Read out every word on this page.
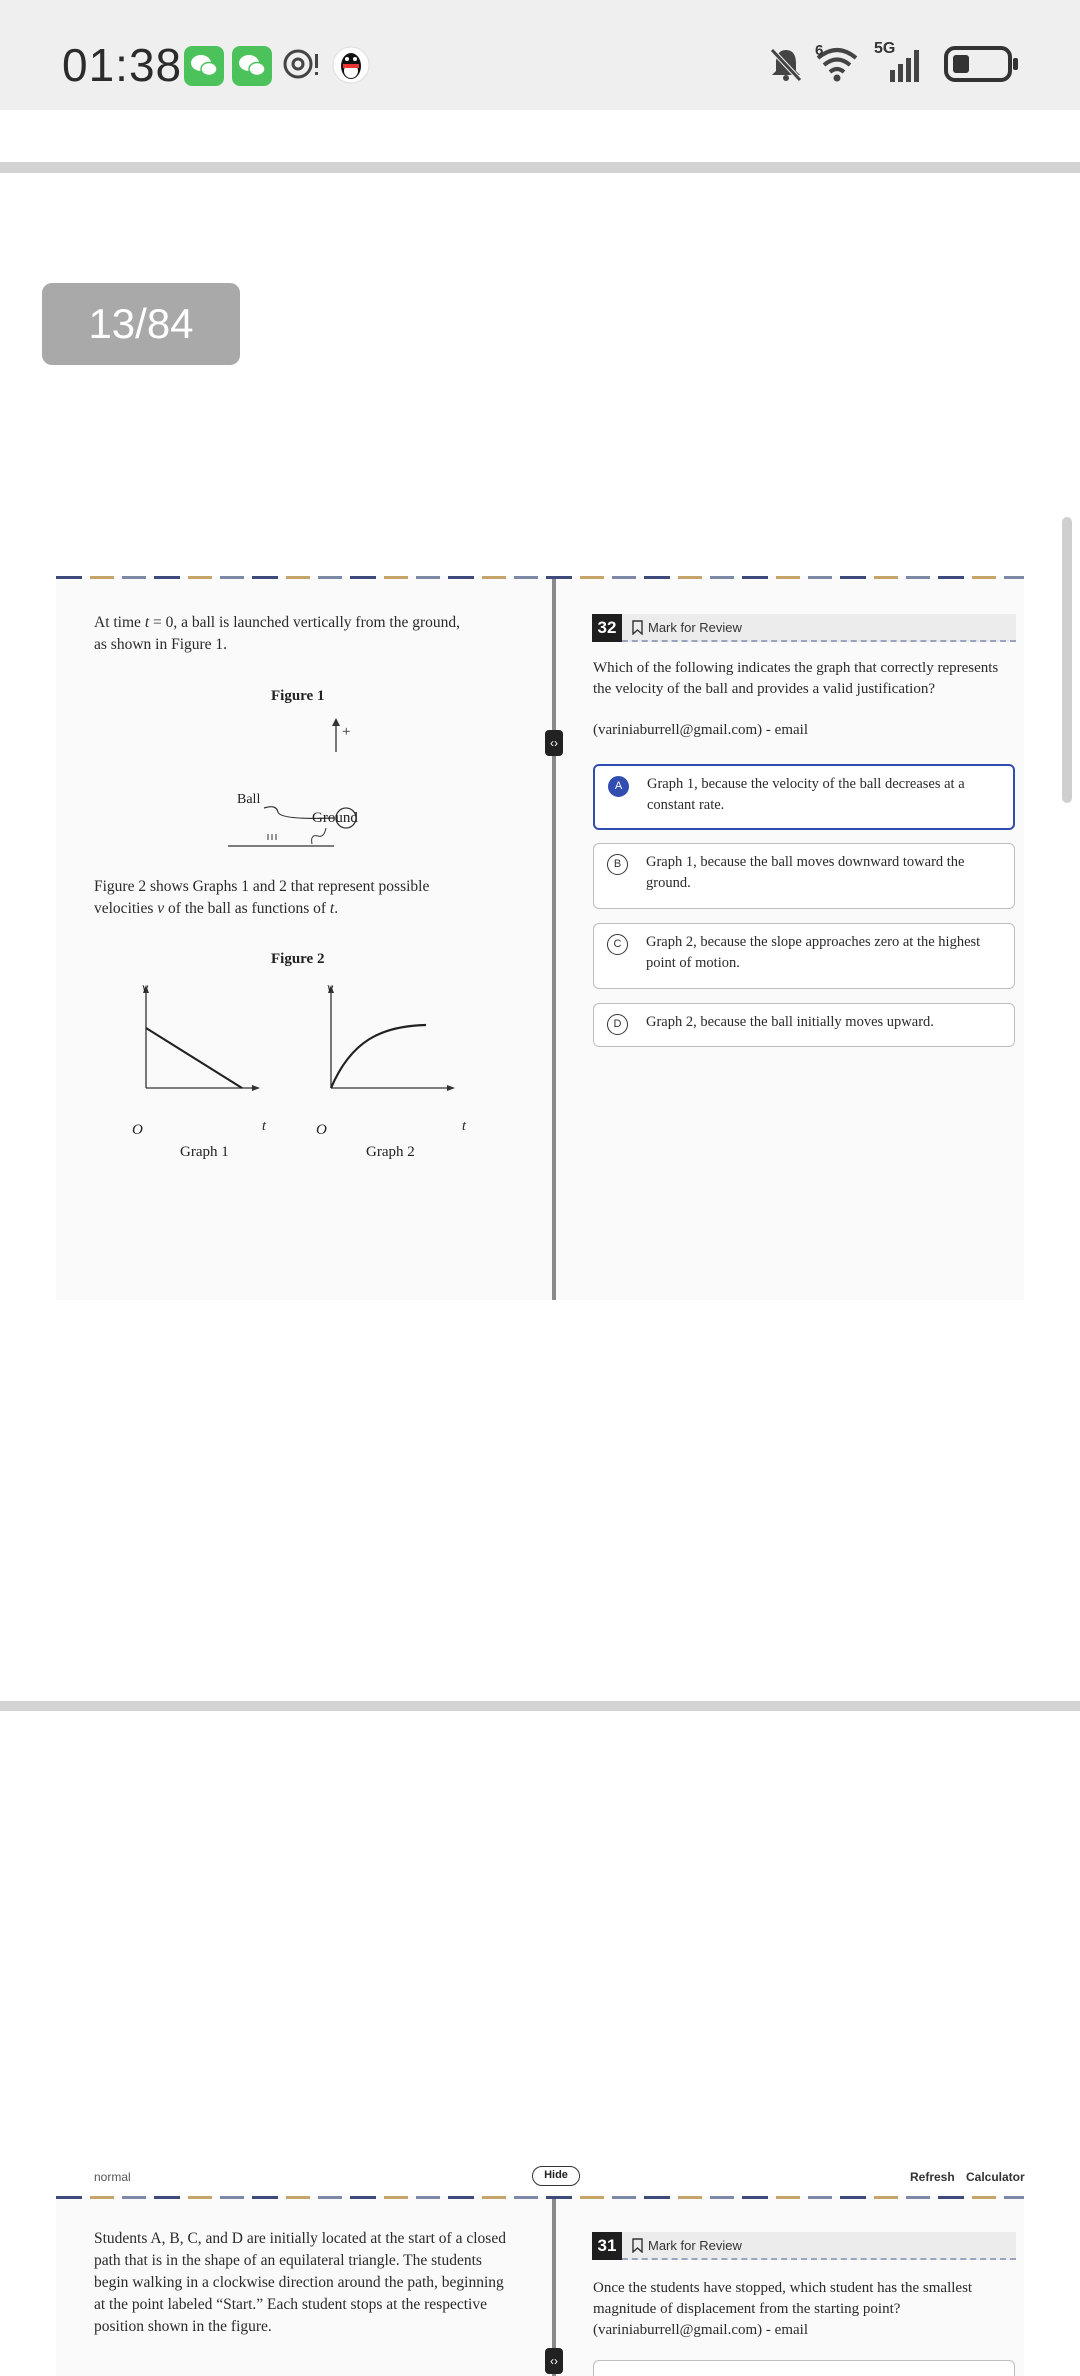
01:38	6	5G
13/84
‹›
At time t = 0, a ball is launched vertically from the ground,
as shown in Figure 1.
Figure 1
+
Ball
Ground
Figure 2 shows Graphs 1 and 2 that represent possible
velocities v of the ball as functions of t.
Figure 2
v
t
O
Graph 1
v
t
O
Graph 2
Mark for Review
32
Which of the following indicates the graph that correctly represents the velocity of the ball and provides a valid justification?
(variniaburrell@gmail.com) - email
A	Graph 1, because the velocity of the ball decreases at a constant rate.
B	Graph 1, because the ball moves downward toward the ground.
C	Graph 2, because the slope approaches zero at the highest point of motion.
D	Graph 2, because the ball initially moves upward.
normal	Hide	Refresh Calculator
‹›
Students A, B, C, and D are initially located at the start of a closed path that is in the shape of an equilateral triangle. The students begin walking in a clockwise direction around the path, beginning at the point labeled “Start.” Each student stops at the respective position shown in the figure.
Mark for Review
31
Once the students have stopped, which student has the smallest magnitude of displacement from the starting point?
(variniaburrell@gmail.com) - email
